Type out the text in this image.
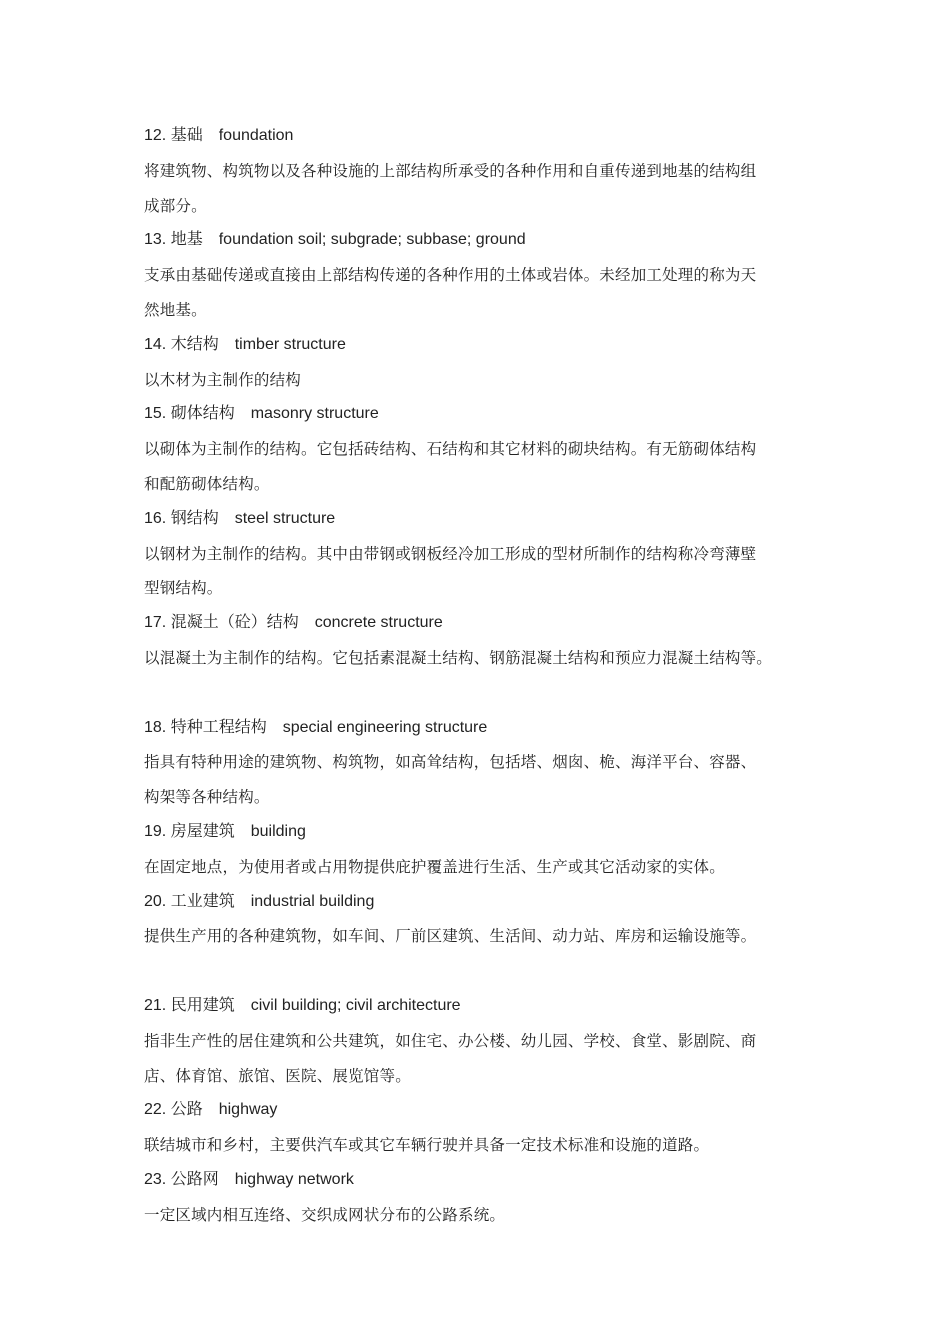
12. 基础 foundation
将建筑物、构筑物以及各种设施的上部结构所承受的各种作用和自重传递到地基的结构组
成部分。
13. 地基 foundation soil; subgrade; subbase; ground
支承由基础传递或直接由上部结构传递的各种作用的土体或岩体。未经加工处理的称为天
然地基。
14. 木结构 timber structure
以木材为主制作的结构
15. 砌体结构 masonry structure
以砌体为主制作的结构。它包括砖结构、石结构和其它材料的砌块结构。有无筋砌体结构
和配筋砌体结构。
16. 钢结构 steel structure
以钢材为主制作的结构。其中由带钢或钢板经冷加工形成的型材所制作的结构称冷弯薄壁
型钢结构。
17. 混凝土（砼）结构 concrete structure
以混凝土为主制作的结构。它包括素混凝土结构、钢筋混凝土结构和预应力混凝土结构等。
18. 特种工程结构 special engineering structure
指具有特种用途的建筑物、构筑物，如高耸结构，包括塔、烟囱、桅、海洋平台、容器、
构架等各种结构。
19. 房屋建筑 building
在固定地点，为使用者或占用物提供庇护覆盖进行生活、生产或其它活动家的实体。
20. 工业建筑 industrial building
提供生产用的各种建筑物，如车间、厂前区建筑、生活间、动力站、库房和运输设施等。
21. 民用建筑 civil building; civil architecture
指非生产性的居住建筑和公共建筑，如住宅、办公楼、幼儿园、学校、食堂、影剧院、商
店、体育馆、旅馆、医院、展览馆等。
22. 公路 highway
联结城市和乡村，主要供汽车或其它车辆行驶并具备一定技术标准和设施的道路。
23. 公路网 highway network
一定区域内相互连络、交织成网状分布的公路系统。
